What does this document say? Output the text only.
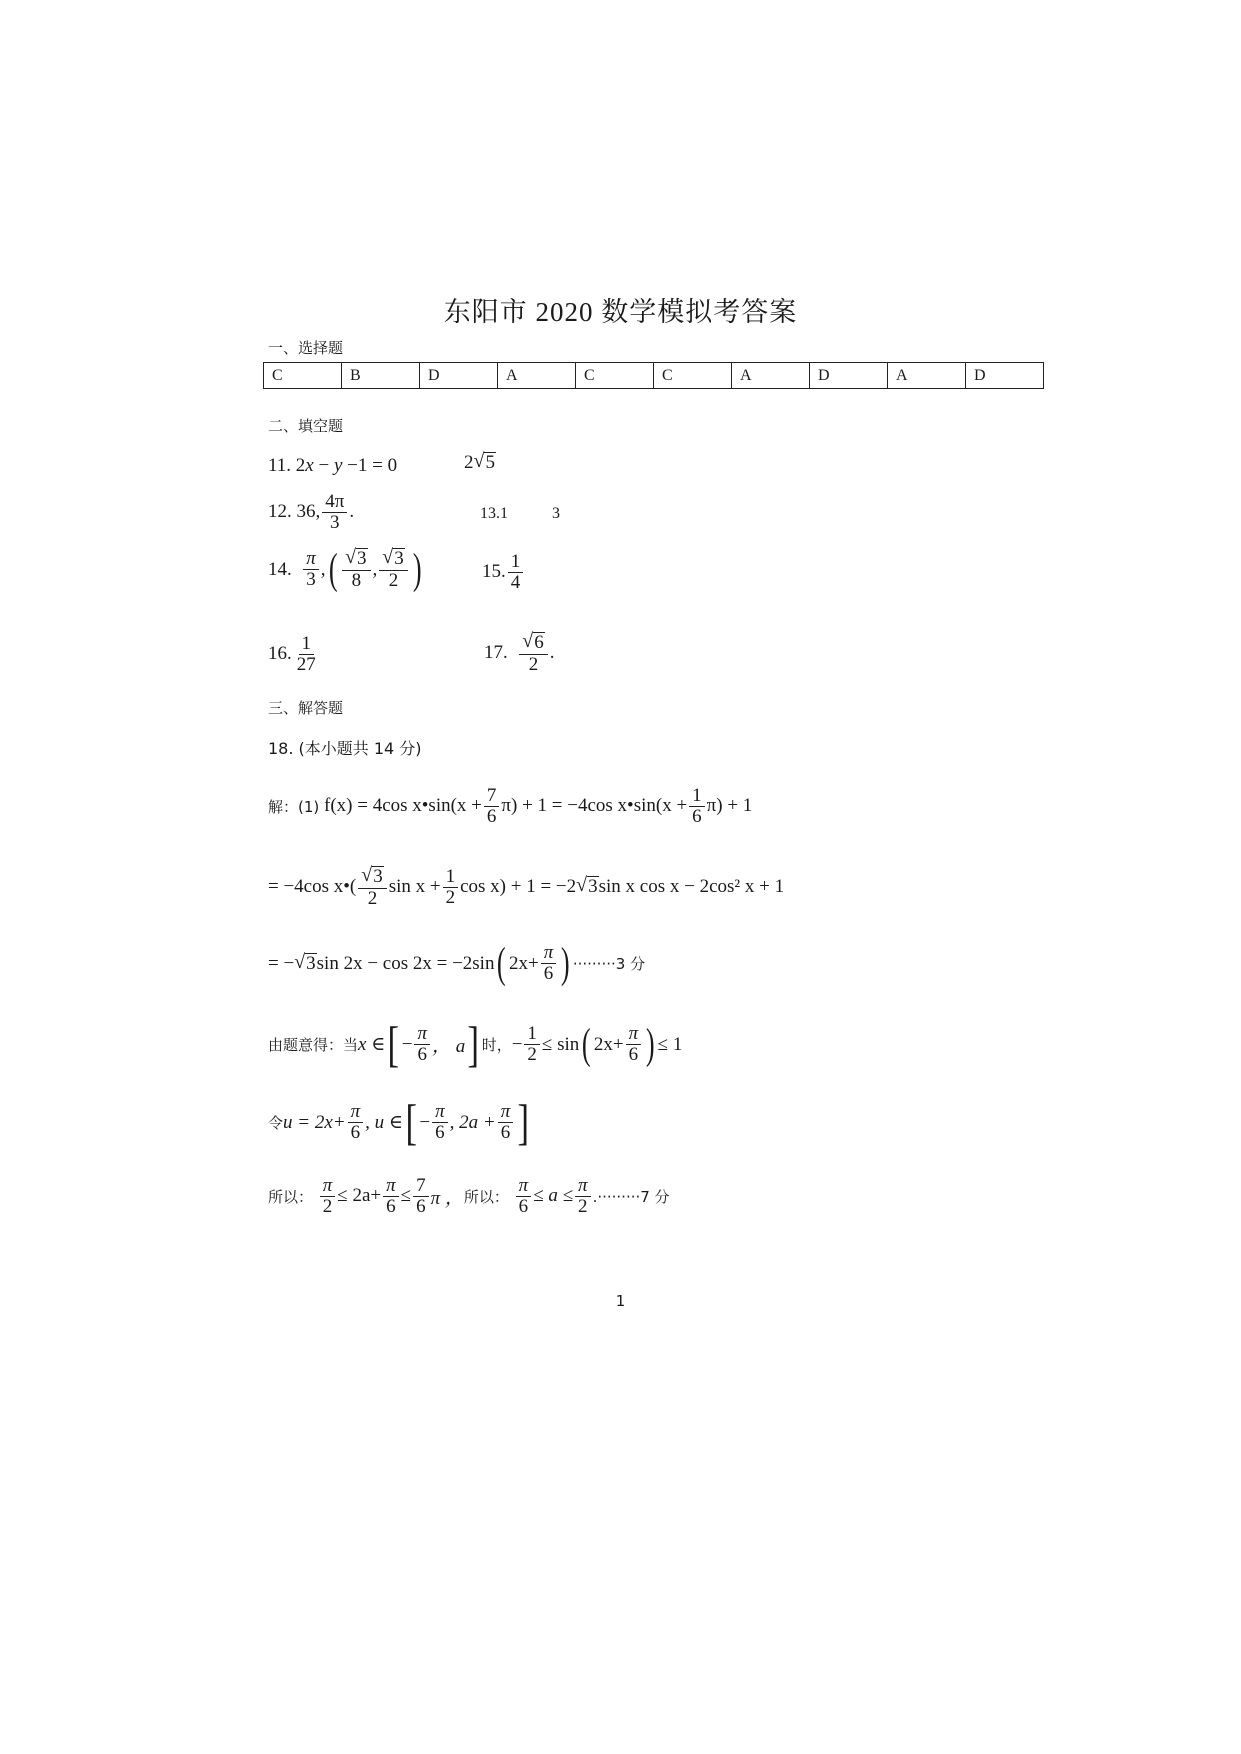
东阳市 2020 数学模拟考答案
一、选择题
C	B	D	A	C	C	A	D	A	D
二、填空题
11.
2 x
−
y
−1 = 0	2 √ 5
12. 36, $\frac{4\pi}{3}$ .	13.1	3
14.
$\frac{\pi}{3}$ , ( $\frac{√ 3}{8}$ , $\frac{√ 3}{2}$ )	15. $\frac{1}{4}$
16. $\frac{1}{27}$	17.
$\frac{√ 6}{2}$ .
三、解答题
18. (本小题共 14 分)
解：(1)
f(x) = 4cos x•sin(x + $\frac{7}{6} \pi) + 1 = -4\cos$ x•sin(x + $\frac{1}{6} \pi) + 1$
= −4cos x•( $\frac{√ 3}{2}$ $\sin x + \frac{1}{2}$ cos x) + 1 = −2 √ 3 sin x cos x − 2cos² x + 1
= − √ 3 sin 2x − cos 2x = −2sin ( $2x+ \frac{\pi}{6}$ ) ·········3 分
由题意得：当 x ∈ [ − $\frac{\pi}{6}$ ， a ] 时， − $\frac{1}{2} \le \sin$ ( $2x+ \frac{\pi}{6}$ ) ≤ 1
令 $u = 2x+ \frac{\pi}{6}$ , u ∈ [ − $\frac{\pi}{6}$ , $2a + \frac{\pi}{6}$ ]
所以：
$\frac{\pi}{2} \le 2a+ \frac{\pi}{6} \le \frac{7}{6}$ π ， 所以：
$\frac{\pi}{6} \le a \le \frac{\pi}{2} .\cdot\cdot\cdot\cdot\cdot\cdot\cdot\cdot\cdot 7$ 分
1
